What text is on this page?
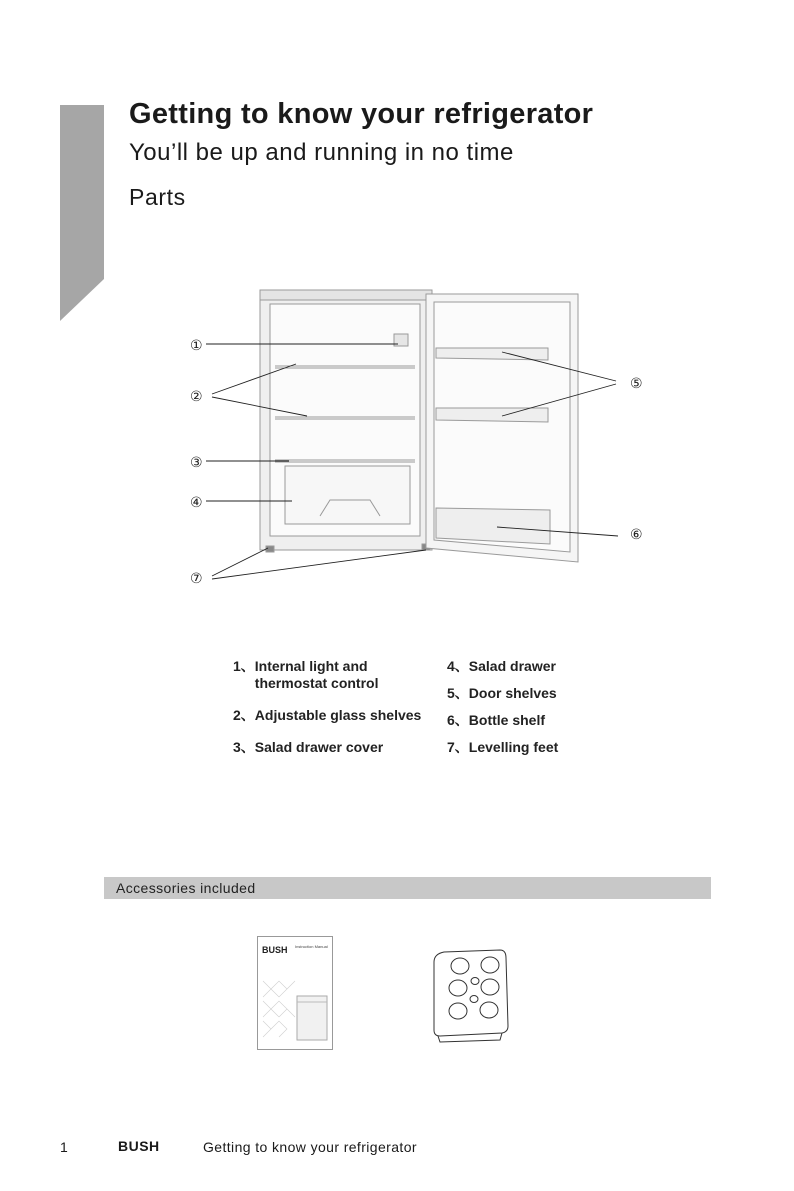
Getting to know your refrigerator
You’ll be up and running in no time
Parts
①
②
③
④
⑤
⑥
⑦
1、Internal light and
thermostat control
2、Adjustable glass shelves
3、Salad drawer cover
4、Salad drawer
5、Door shelves
6、Bottle shelf
7、Levelling feet
Accessories included
BUSH Instruction Manual
1	BUSH	Getting to know your refrigerator
